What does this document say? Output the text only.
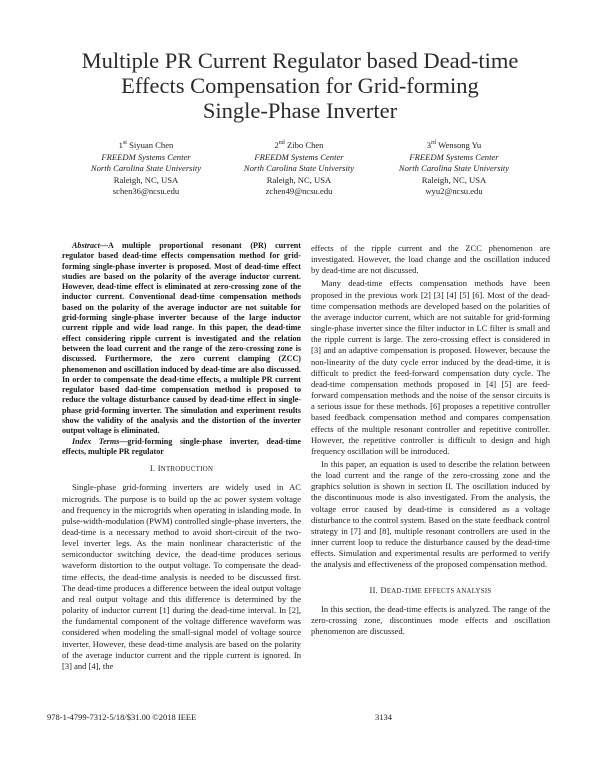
Multiple PR Current Regulator based Dead-time
Effects Compensation for Grid-forming
Single-Phase Inverter
1st Siyuan Chen
FREEDM Systems Center
North Carolina State University
Raleigh, NC, USA
schen36@ncsu.edu
2nd Zibo Chen
FREEDM Systems Center
North Carolina State University
Raleigh, NC, USA
zchen49@ncsu.edu
3rd Wensong Yu
FREEDM Systems Center
North Carolina State University
Raleigh, NC, USA
wyu2@ncsu.edu

Abstract—A multiple proportional resonant (PR) current regulator based dead-time effects compensation method for grid-forming single-phase inverter is proposed. Most of dead-time effect studies are based on the polarity of the average inductor current. However, dead-time effect is eliminated at zero-crossing zone of the inductor current. Conventional dead-time compensation methods based on the polarity of the average inductor are not suitable for grid-forming single-phase inverter because of the large inductor current ripple and wide load range. In this paper, the dead-time effect considering ripple current is investigated and the relation between the load current and the range of the zero-crossing zone is discussed. Furthermore, the zero current clamping (ZCC) phenomenon and oscillation induced by dead-time are also discussed. In order to compensate the dead-time effects, a multiple PR current regulator based dad-time compensation method is proposed to reduce the voltage disturbance caused by dead-time effect in single-phase grid-forming inverter. The simulation and experiment results show the validity of the analysis and the distortion of the inverter output voltage is eliminated.

Index Terms—grid-forming single-phase inverter, dead-time effects, multiple PR regulator

I. INTRODUCTION

Single-phase grid-forming inverters are widely used in AC microgrids. The purpose is to build up the ac power system voltage and frequency in the microgrids when operating in islanding mode. In pulse-width-modulation (PWM) controlled single-phase inverters, the dead-time is a necessary method to avoid short-circuit of the two-level inverter legs. As the main nonlinear characteristic of the semiconductor switching device, the dead-time produces serious waveform distortion to the output voltage. To compensate the dead-time effects, the dead-time analysis is needed to be discussed first. The dead-time produces a difference between the ideal output voltage and real output voltage and this difference is determined by the polarity of inductor current [1] during the dead-time interval. In [2], the fundamental component of the voltage difference waveform was considered when modeling the small-signal model of voltage source inverter. However, these dead-time analysis are based on the polarity of the average inductor current and the ripple current is ignored. In [3] and [4], the

effects of the ripple current and the ZCC phenomenon are investigated. However, the load change and the oscillation induced by dead-time are not discussed.

Many dead-time effects compensation methods have been proposed in the previous work [2] [3] [4] [5] [6]. Most of the dead-time compensation methods are developed based on the polarities of the average inductor current, which are not suitable for grid-forming single-phase inverter since the filter inductor in LC filter is small and the ripple current is large. The zero-crossing effect is considered in [3] and an adaptive compensation is proposed. However, because the non-linearity of the duty cycle error induced by the dead-time, it is difficult to predict the feed-forward compensation duty cycle. The dead-time compensation methods proposed in [4] [5] are feed-forward compensation methods and the noise of the sensor circuits is a serious issue for these methods. [6] proposes a repetitive controller based feedback compensation method and compares compensation effects of the multiple resonant controller and repetitive controller. However, the repetitive controller is difficult to design and high frequency oscillation will be introduced.

In this paper, an equation is used to describe the relation between the load current and the range of the zero-crossing zone and the graphics solution is shown in section II. The oscillation induced by the discontinuous mode is also investigated. From the analysis, the voltage error caused by dead-time is considered as a voltage disturbance to the control system. Based on the state feedback control strategy in [7] and [8], multiple resonant controllers are used in the inner current loop to reduce the disturbance caused by the dead-time effects. Simulation and experimental results are performed to verify the analysis and effectiveness of the proposed compensation method.

II. DEAD-TIME EFFECTS ANALYSIS

In this section, the dead-time effects is analyzed. The range of the zero-crossing zone, discontinues mode effects and oscillation phenomenon are discussed.

978-1-4799-7312-5/18/$31.00 ©2018 IEEE	3134
